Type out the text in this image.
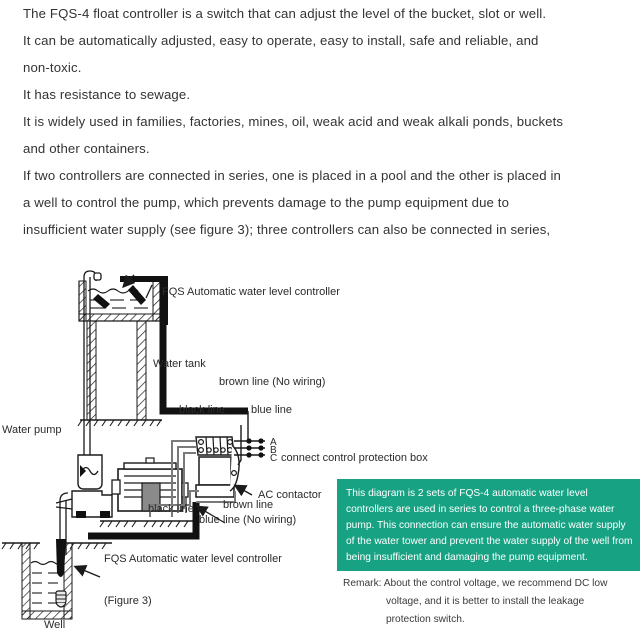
The FQS-4 float controller is a switch that can adjust the level of the bucket, slot or well.
It can be automatically adjusted, easy to operate, easy to install, safe and reliable, and
non-toxic.
It has resistance to sewage.
It is widely used in families, factories, mines, oil, weak acid and weak alkali ponds, buckets
and other containers.
If two controllers are connected in series, one is placed in a pool and the other is placed in
a well to control the pump, which prevents damage to the pump equipment due to
insufficient water supply (see figure 3); three controllers can also be connected in series,
FQS Automatic water level controller
Water tank
brown line (No wiring)
black line blue line
A
B
C connect control protection box
Water pump
AC contactor
black line	brown line
blue line (No wiring)
FQS Automatic water level controller
(Figure 3)
Well
This diagram is 2 sets of FQS-4 automatic water level
controllers are used in series to control a three-phase water
pump. This connection can ensure the automatic water supply
of the water tower and prevent the water supply of the well from
being insufficient and damaging the pump equipment.
Remark: About the control voltage, we recommend DC low
voltage, and it is better to install the leakage
protection switch.
